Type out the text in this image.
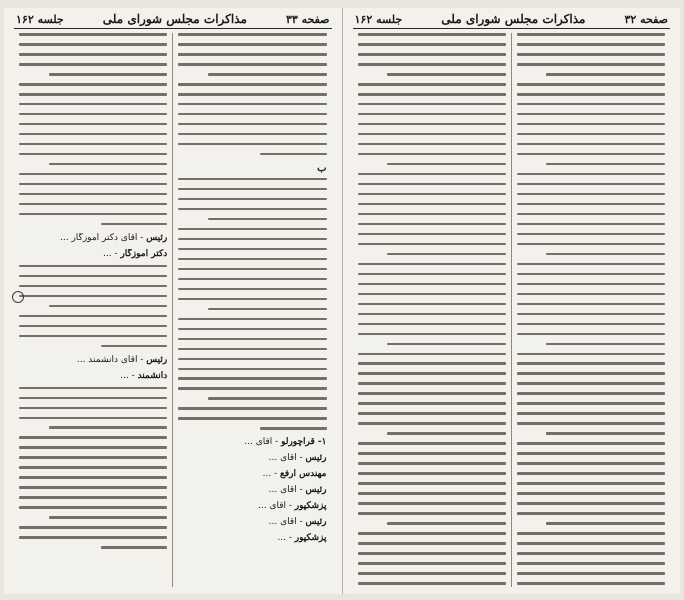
صفحه ۳۳
مذاکرات مجلس شورای ملی
جلسه ۱۶۲
ب
۱- قراچورلو - آقای ...
رئیس - آقای ...
مهندس ارفع - ...
رئیس - آقای ...
پزشکپور - آقای ...
رئیس - آقای ...
پزشکپور - ...
رئیس - آقای دکتر آموزگار ...
دکتر آموزگار - ...
رئیس - آقای دانشمند ...
دانشمند - ...
صفحه ۳۲
مذاکرات مجلس شورای ملی
جلسه ۱۶۲
